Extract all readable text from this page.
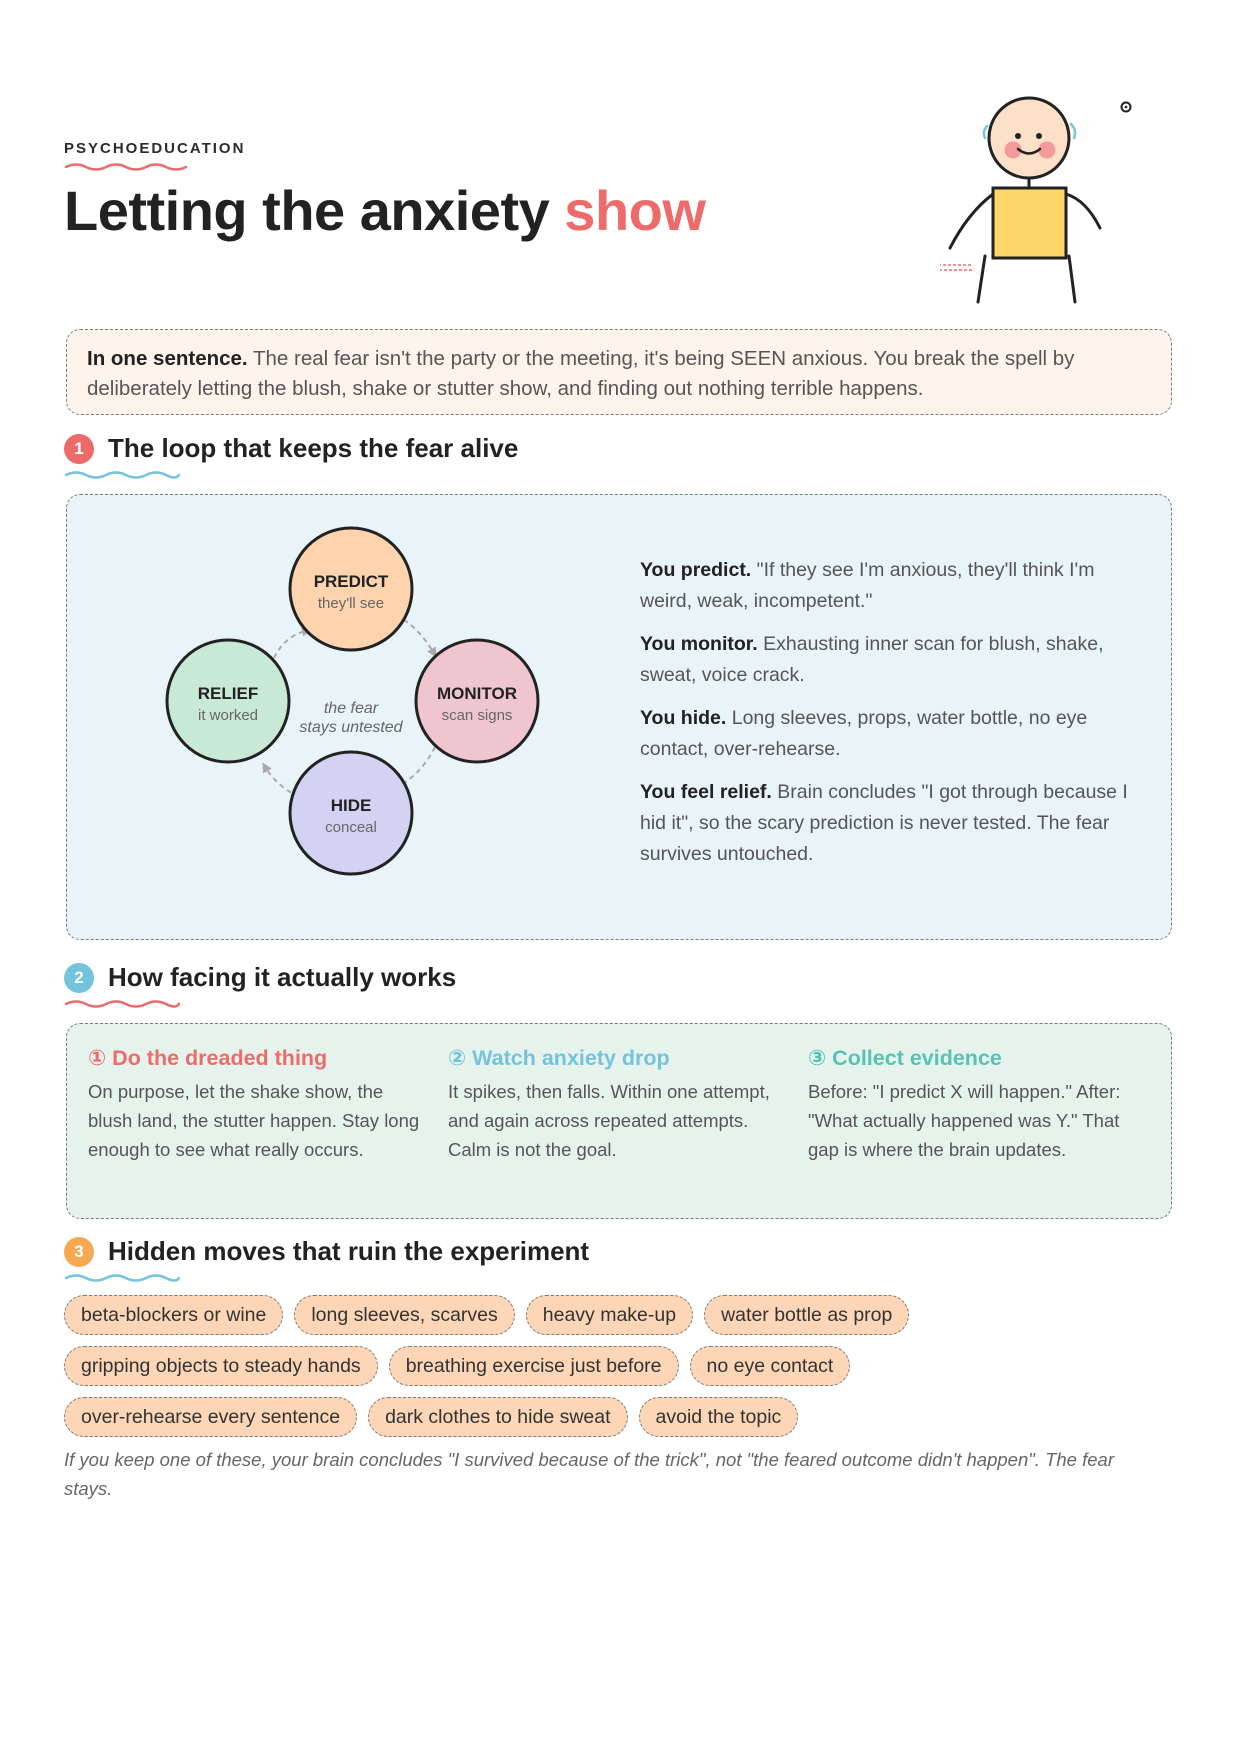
PSYCHOEDUCATION
Letting the anxiety show
In one sentence. The real fear isn't the party or the meeting, it's being SEEN anxious. You break the spell by deliberately letting the blush, shake or stutter show, and finding out nothing terrible happens.
1 The loop that keeps the fear alive
the fear
stays untested
PREDICT
they'll see
MONITOR
scan signs
HIDE
conceal
RELIEF
it worked

You predict. "If they see I'm anxious, they'll think I'm weird, weak, incompetent."

You monitor. Exhausting inner scan for blush, shake, sweat, voice crack.

You hide. Long sleeves, props, water bottle, no eye contact, over-rehearse.

You feel relief. Brain concludes "I got through because I hid it", so the scary prediction is never tested. The fear survives untouched.

2 How facing it actually works
① Do the dreaded thing
On purpose, let the shake show, the blush land, the stutter happen. Stay long enough to see what really occurs.
② Watch anxiety drop
It spikes, then falls. Within one attempt, and again across repeated attempts. Calm is not the goal.
③ Collect evidence
Before: "I predict X will happen." After: "What actually happened was Y." That gap is where the brain updates.
3 Hidden moves that ruin the experiment
beta-blockers or wine	long sleeves, scarves	heavy make-up	water bottle as prop
gripping objects to steady hands	breathing exercise just before	no eye contact
over-rehearse every sentence	dark clothes to hide sweat	avoid the topic
If you keep one of these, your brain concludes "I survived because of the trick", not "the feared outcome didn't happen". The fear stays.
